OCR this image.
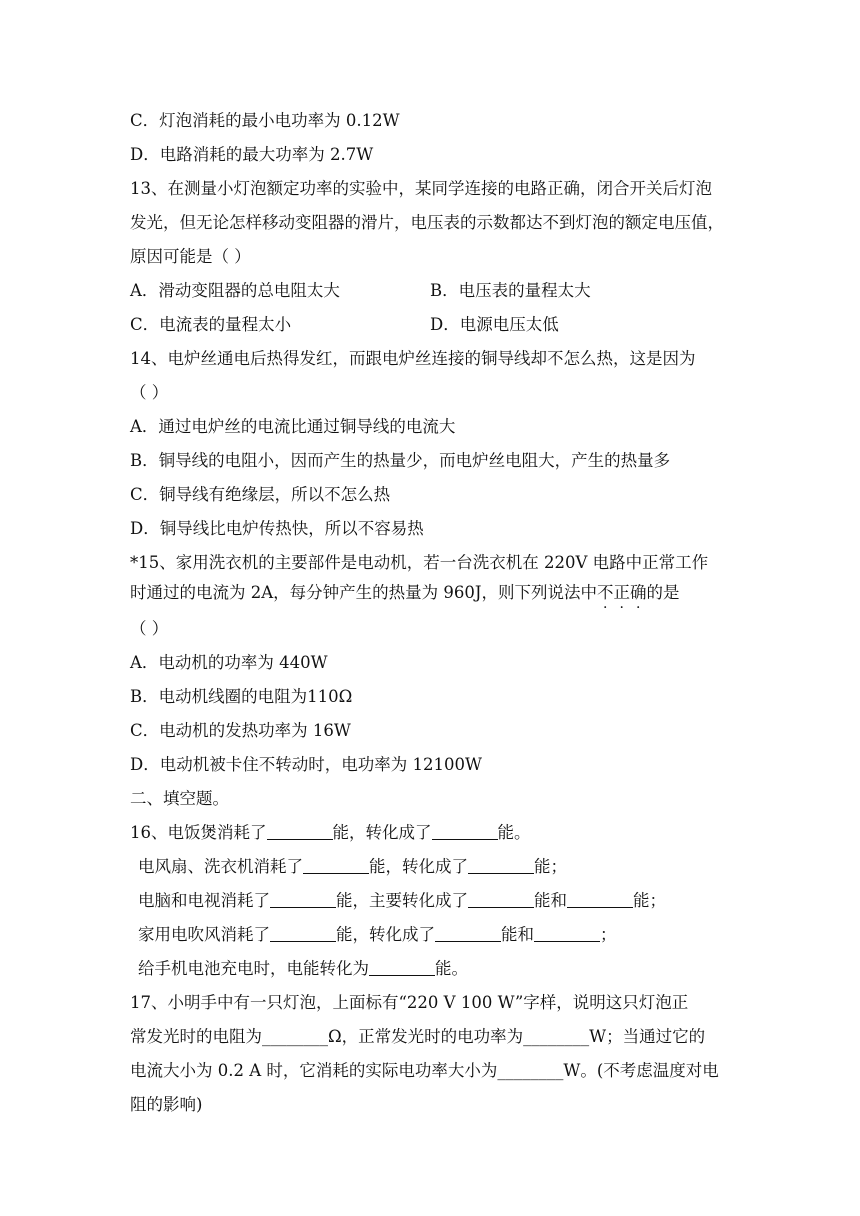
C．灯泡消耗的最小电功率为 0.12W
D．电路消耗的最大功率为 2.7W
13、在测量小灯泡额定功率的实验中，某同学连接的电路正确，闭合开关后灯泡
发光，但无论怎样移动变阻器的滑片，电压表的示数都达不到灯泡的额定电压值，
原因可能是（ ）
A．滑动变阻器的总电阻太大	B．电压表的量程太大
C．电流表的量程太小	D．电源电压太低
14、电炉丝通电后热得发红，而跟电炉丝连接的铜导线却不怎么热，这是因为
（ ）
A．通过电炉丝的电流比通过铜导线的电流大
B．铜导线的电阻小，因而产生的热量少，而电炉丝电阻大，产生的热量多
C．铜导线有绝缘层，所以不怎么热
D．铜导线比电炉传热快，所以不容易热
*15、家用洗衣机的主要部件是电动机，若一台洗衣机在 220V 电路中正常工作
时通过的电流为 2A，每分钟产生的热量为 960J，则下列说法中不正确的是
（ ）
A．电动机的功率为 440W
B．电动机线圈的电阻为110Ω
C．电动机的发热功率为 16W
D．电动机被卡住不转动时，电功率为 12100W
二、填空题。
16、电饭煲消耗了	能，转化成了	能。
电风扇、洗衣机消耗了	能，转化成了	能；
电脑和电视消耗了	能，主要转化成了	能和	能；
家用电吹风消耗了	能，转化成了	能和	；
给手机电池充电时，电能转化为	能。
17、小明手中有一只灯泡，上面标有“220 V 100 W”字样，说明这只灯泡正
常发光时的电阻为________Ω，正常发光时的电功率为________W；当通过它的
电流大小为 0.2 A 时，它消耗的实际电功率大小为________W。(不考虑温度对电
阻的影响)
